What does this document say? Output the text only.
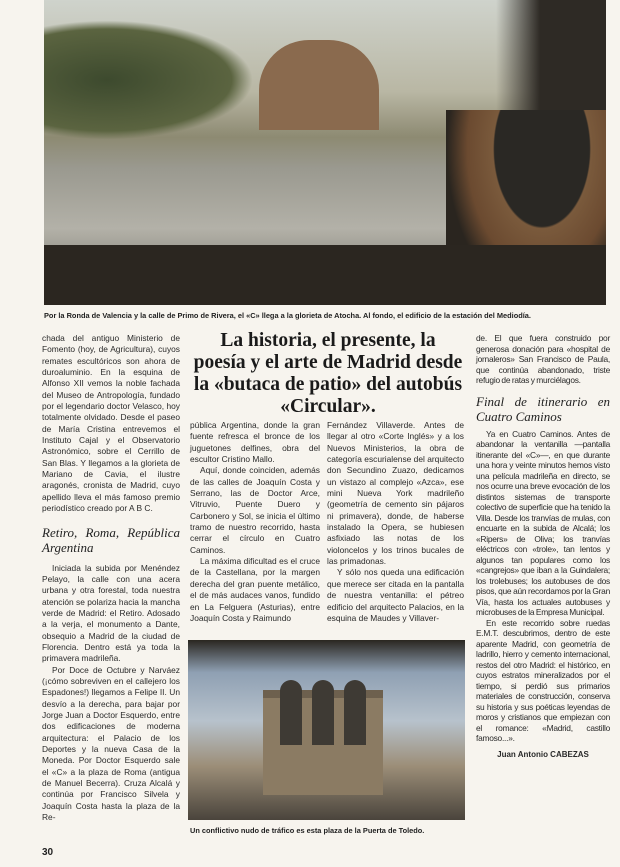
Por la Ronda de Valencia y la calle de Primo de Rivera, el «C» llega a la glorieta de Atocha. Al fondo, el edificio de la estación del Mediodía.
La historia, el presente, la poesía y el arte de Madrid desde la «butaca de patio» del autobús «Circular».

chada del antiguo Ministerio de Fomento (hoy, de Agricultura), cuyos remates escultóricos son ahora de duroaluminio. En la esquina de Alfonso XII vemos la noble fachada del Museo de Antropología, fundado por el legendario doctor Velasco, hoy totalmente olvidado. Desde el paseo de María Cristina entrevemos el Instituto Cajal y el Observatorio Astronómico, sobre el Cerrillo de San Blas. Y llegamos a la glorieta de Mariano de Cavia, el ilustre aragonés, cronista de Madrid, cuyo apellido lleva el más famoso premio periodístico creado por A B C.

Retiro, Roma, República Argentina

Iniciada la subida por Menéndez Pelayo, la calle con una acera urbana y otra forestal, toda nuestra atención se polariza hacia la mancha verde de Madrid: el Retiro. Adosado a la verja, el monumento a Dante, obsequio a Madrid de la ciudad de Florencia. Dentro está ya toda la primavera madrileña.

Por Doce de Octubre y Narváez (¡cómo sobreviven en el callejero los Espadones!) llegamos a Felipe II. Un desvío a la derecha, para bajar por Jorge Juan a Doctor Esquerdo, entre dos edificaciones de moderna arquitectura: el Palacio de los Deportes y la nueva Casa de la Moneda. Por Doctor Esquerdo sale el «C» a la plaza de Roma (antigua de Manuel Becerra). Cruza Alcalá y continúa por Francisco Silvela y Joaquín Costa hasta la plaza de la Re-

pública Argentina, donde la gran fuente refresca el bronce de los juguetones delfines, obra del escultor Cristino Mallo.

Aquí, donde coinciden, además de las calles de Joaquín Costa y Serrano, las de Doctor Arce, Vitruvio, Puente Duero y Carbonero y Sol, se inicia el último tramo de nuestro recorrido, hasta cerrar el círculo en Cuatro Caminos.

La máxima dificultad es el cruce de la Castellana, por la margen derecha del gran puente metálico, el de más audaces vanos, fundido en La Felguera (Asturias), entre Joaquín Costa y Raimundo

Fernández Villaverde. Antes de llegar al otro «Corte Inglés» y a los Nuevos Ministerios, la obra de categoría escurialense del arquitecto don Secundino Zuazo, dedicamos un vistazo al complejo «Azca», ese mini Nueva York madrileño (geometría de cemento sin pájaros ni primavera), donde, de haberse instalado la Opera, se hubiesen asfixiado las notas de los violoncelos y los trinos bucales de las primadonas.

Y sólo nos queda una edificación que merece ser citada en la pantalla de nuestra ventanilla: el pétreo edificio del arquitecto Palacios, en la esquina de Maudes y Villaver-

Un conflictivo nudo de tráfico es esta plaza de la Puerta de Toledo.

de. El que fuera construido por generosa donación para «hospital de jornaleros» San Francisco de Paula, que continúa abandonado, triste refugio de ratas y murciélagos.

Final de itinerario en Cuatro Caminos

Ya en Cuatro Caminos. Antes de abandonar la ventanilla —pantalla itinerante del «C»—, en que durante una hora y veinte minutos hemos visto una película madrileña en directo, se nos ocurre una breve evocación de los distintos sistemas de transporte colectivo de superficie que ha tenido la Villa. Desde los tranvías de mulas, con encuarte en la subida de Alcalá; los «Ripers» de Oliva; los tranvías eléctricos con «trole», tan lentos y algunos tan populares como los «cangrejos» que iban a la Guindalera; los trolebuses; los autobuses de dos pisos, que aún recordamos por la Gran Vía, hasta los actuales autobuses y microbuses de la Empresa Municipal.

En este recorrido sobre ruedas E.M.T. descubrimos, dentro de este aparente Madrid, con geometría de ladrillo, hierro y cemento internacional, restos del otro Madrid: el histórico, en cuyos estratos mineralizados por el tiempo, si perdió sus primarios materiales de construcción, conserva su historia y sus poéticas leyendas de moros y cristianos que empiezan con el romance: «Madrid, castillo famoso...».

Juan Antonio CABEZAS
30
